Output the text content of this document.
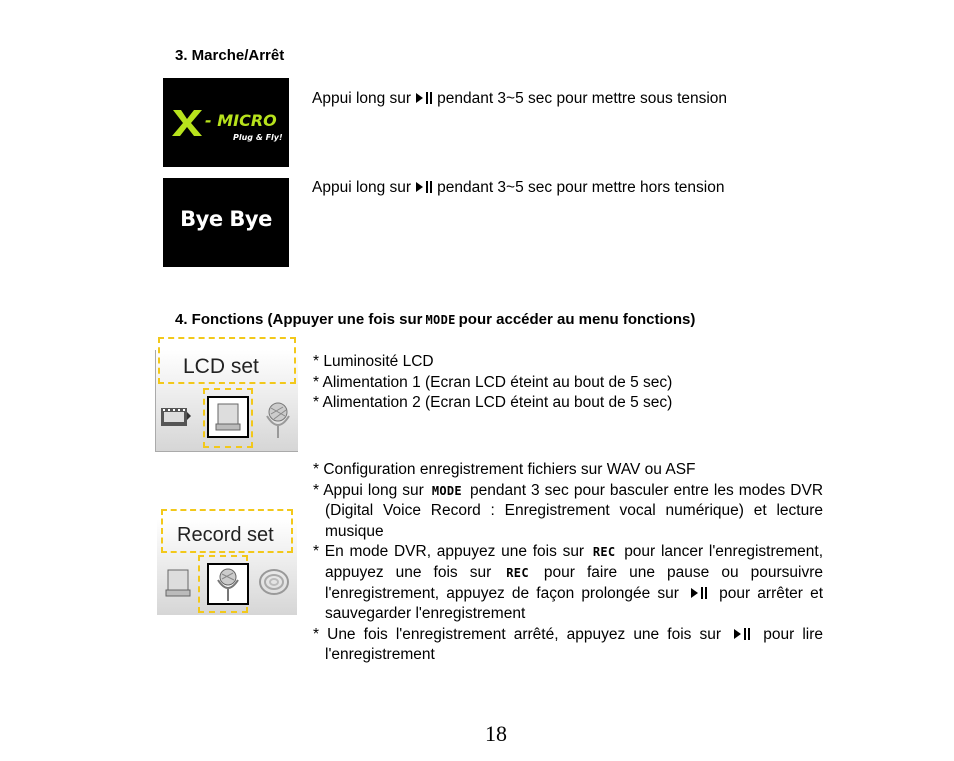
3. Marche/Arrêt
- MICRO
Plug & Fly!
Appui long sur pendant 3~5 sec pour mettre sous tension
Bye Bye
Appui long sur pendant 3~5 sec pour mettre hors tension
4. Fonctions (Appuyer une fois sur MODE pour accéder au menu fonctions)
LCD set	* Luminosité LCD
* Alimentation 1 (Ecran LCD éteint au bout de 5 sec)
* Alimentation 2 (Ecran LCD éteint au bout de 5 sec)
Record set
* Configuration enregistrement fichiers sur WAV ou ASF
* Appui long sur MODE pendant 3 sec pour basculer entre les modes DVR (Digital Voice Record : Enregistrement vocal numérique) et lecture musique
* En mode DVR, appuyez une fois sur REC pour lancer l'enregistrement, appuyez une fois sur REC pour faire une pause ou poursuivre l'enregistrement, appuyez de façon prolongée sur	pour arrêter et sauvegarder l'enregistrement
* Une fois l'enregistrement arrêté, appuyez une fois sur	pour lire l'enregistrement
18
